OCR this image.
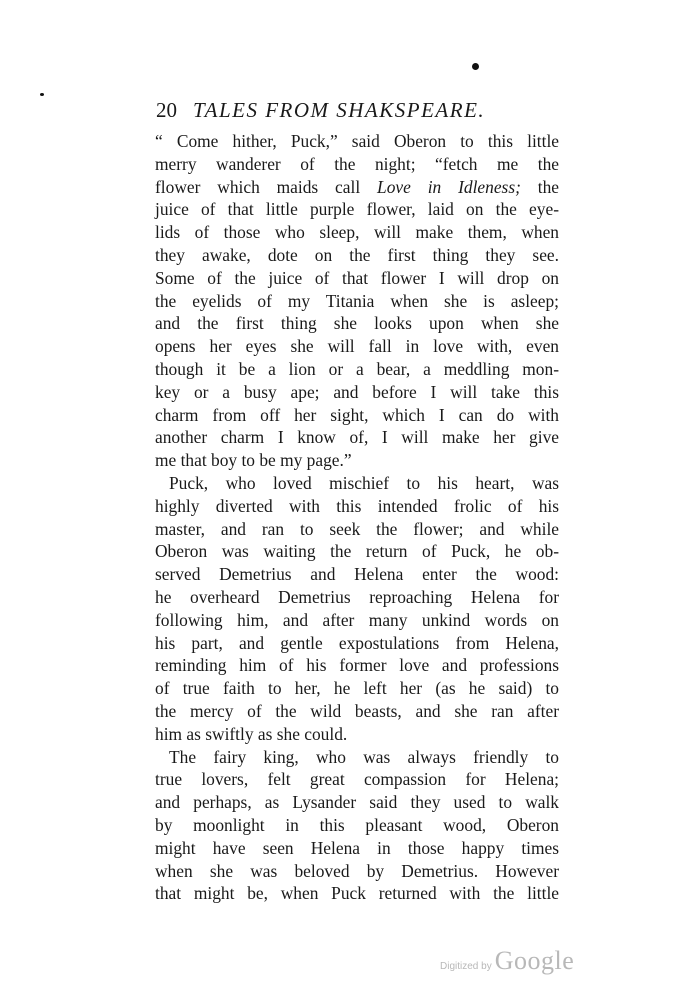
20 TALES FROM SHAKSPEARE.
“ Come hither, Puck,” said Oberon to this little
merry wanderer of the night; “fetch me the
flower which maids call Love in Idleness; the
juice of that little purple flower, laid on the eye-
lids of those who sleep, will make them, when
they awake, dote on the first thing they see.
Some of the juice of that flower I will drop on
the eyelids of my Titania when she is asleep;
and the first thing she looks upon when she
opens her eyes she will fall in love with, even
though it be a lion or a bear, a meddling mon-
key or a busy ape; and before I will take this
charm from off her sight, which I can do with
another charm I know of, I will make her give
me that boy to be my page.”
Puck, who loved mischief to his heart, was
highly diverted with this intended frolic of his
master, and ran to seek the flower; and while
Oberon was waiting the return of Puck, he ob-
served Demetrius and Helena enter the wood:
he overheard Demetrius reproaching Helena for
following him, and after many unkind words on
his part, and gentle expostulations from Helena,
reminding him of his former love and professions
of true faith to her, he left her (as he said) to
the mercy of the wild beasts, and she ran after
him as swiftly as she could.
The fairy king, who was always friendly to
true lovers, felt great compassion for Helena;
and perhaps, as Lysander said they used to walk
by moonlight in this pleasant wood, Oberon
might have seen Helena in those happy times
when she was beloved by Demetrius. However
that might be, when Puck returned with the little
Digitized by Google
